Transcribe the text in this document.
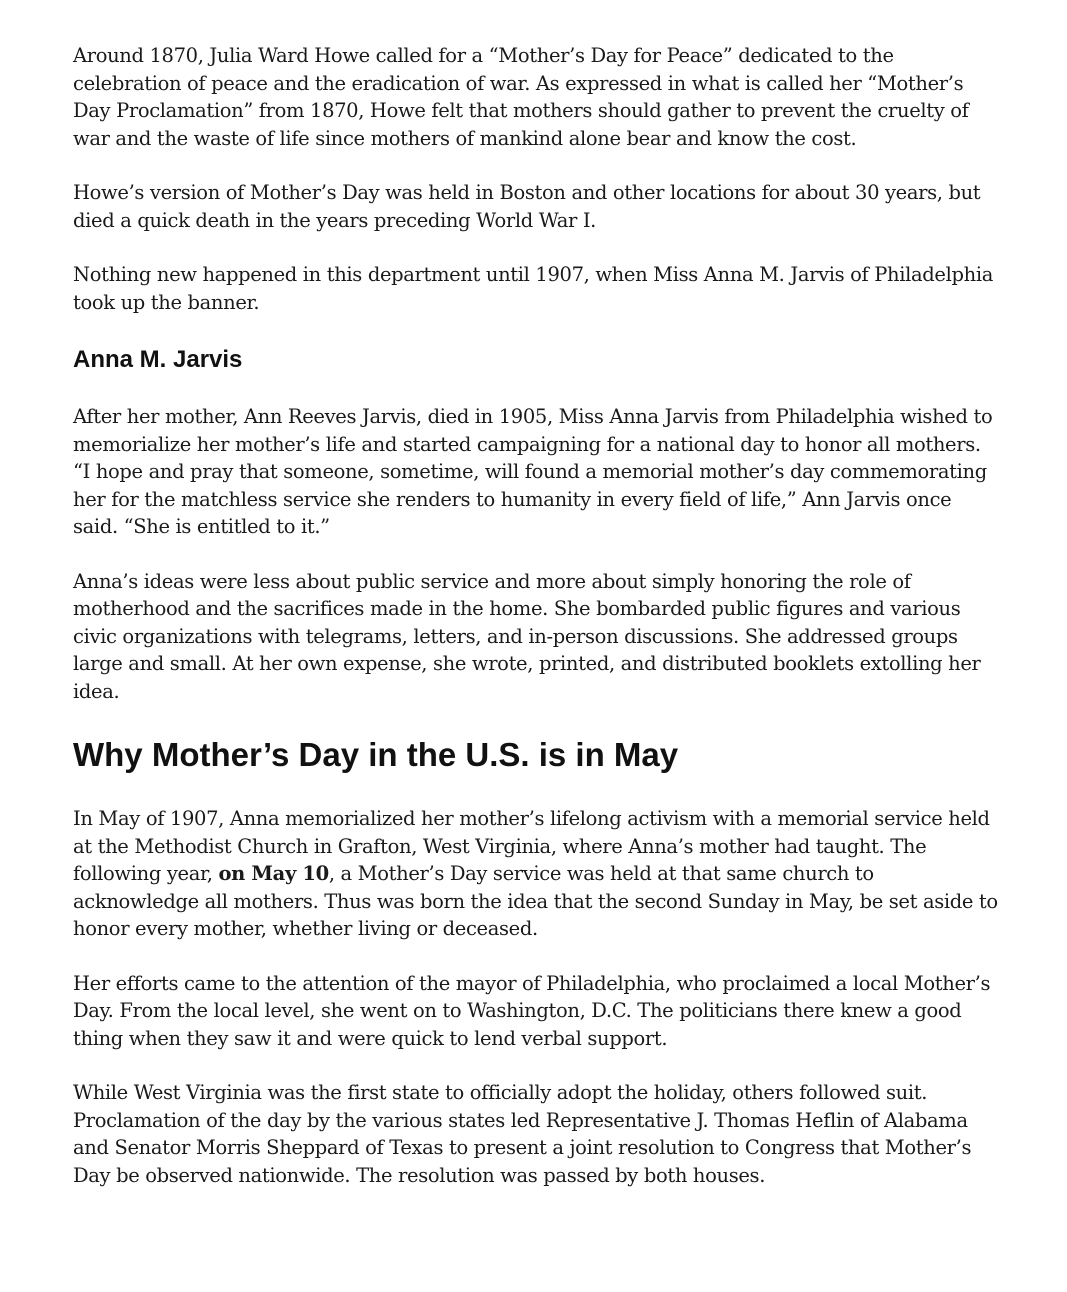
Around 1870, Julia Ward Howe called for a “Mother’s Day for Peace” dedicated to the celebration of peace and the eradication of war. As expressed in what is called her “Mother’s Day Proclamation” from 1870, Howe felt that mothers should gather to prevent the cruelty of war and the waste of life since mothers of mankind alone bear and know the cost.

Howe’s version of Mother’s Day was held in Boston and other locations for about 30 years, but died a quick death in the years preceding World War I.

Nothing new happened in this department until 1907, when Miss Anna M. Jarvis of Philadelphia took up the banner.

Anna M. Jarvis

After her mother, Ann Reeves Jarvis, died in 1905, Miss Anna Jarvis from Philadelphia wished to memorialize her mother’s life and started campaigning for a national day to honor all mothers. “I hope and pray that someone, sometime, will found a memorial mother’s day commemorating her for the matchless service she renders to humanity in every field of life,” Ann Jarvis once said. “She is entitled to it.”

Anna’s ideas were less about public service and more about simply honoring the role of motherhood and the sacrifices made in the home. She bombarded public figures and various civic organizations with telegrams, letters, and in-person discussions. She addressed groups large and small. At her own expense, she wrote, printed, and distributed booklets extolling her idea.

Why Mother’s Day in the U.S. is in May

In May of 1907, Anna memorialized her mother’s lifelong activism with a memorial service held at the Methodist Church in Grafton, West Virginia, where Anna’s mother had taught. The following year, on May 10, a Mother’s Day service was held at that same church to acknowledge all mothers. Thus was born the idea that the second Sunday in May, be set aside to honor every mother, whether living or deceased.

Her efforts came to the attention of the mayor of Philadelphia, who proclaimed a local Mother’s Day. From the local level, she went on to Washington, D.C. The politicians there knew a good thing when they saw it and were quick to lend verbal support.

While West Virginia was the first state to officially adopt the holiday, others followed suit. Proclamation of the day by the various states led Representative J. Thomas Heflin of Alabama and Senator Morris Sheppard of Texas to present a joint resolution to Congress that Mother’s Day be observed nationwide. The resolution was passed by both houses.
